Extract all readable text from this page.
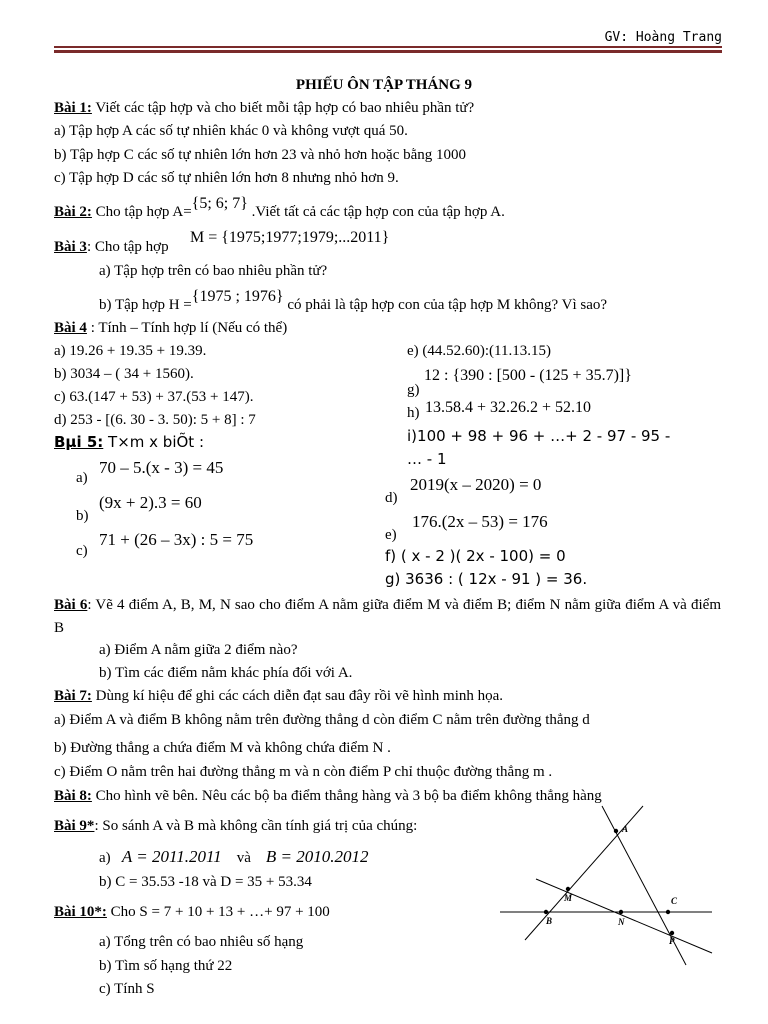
GV: Hoàng Trang
PHIẾU ÔN TẬP THÁNG 9
Bài 1: Viết các tập hợp và cho biết mỗi tập hợp có bao nhiêu phần tử?
a) Tập hợp A các số tự nhiên khác 0 và không vượt quá 50.
b) Tập hợp C các số tự nhiên lớn hơn 23 và nhỏ hơn hoặc bằng 1000
c) Tập hợp D các số tự nhiên lớn hơn 8 nhưng nhỏ hơn 9.
Bài 2: Cho tập hợp A={5; 6; 7} .Viết tất cả các tập hợp con của tập hợp A.
Bài 3: Cho tập hợp
M = {1975;1977;1979;...2011}
a) Tập hợp trên có bao nhiêu phần tử?
b) Tập hợp H ={1975 ; 1976} có phải là tập hợp con của tập hợp M không? Vì sao?
Bài 4 : Tính – Tính hợp lí (Nếu có thể)
a) 19.26 + 19.35 + 19.39.
b) 3034 – ( 34 + 1560).
c) 63.(147 + 53) + 37.(53 + 147).
d) 253 - [(6. 30 - 3. 50): 5 + 8] : 7
e) (44.52.60):(11.13.15)
g)
12 : {390 : [500 - (125 + 35.7)]}
h) 13.58.4 + 32.26.2 + 52.10
i)100 + 98 + 96 + …+ 2 - 97 - 95 -
… - 1
Bµi 5: T×m x biÕt :
a)
70 – 5.(x - 3) = 45
b)
(9x + 2).3 = 60
c)
71 + (26 – 3x) : 5 = 75
d)
2019(x – 2020) = 0
e)
176.(2x – 53) = 176
f) ( x - 2 )( 2x - 100) = 0
g) 3636 : ( 12x - 91 ) = 36.
Bài 6: Vẽ 4 điểm A, B, M, N sao cho điểm A nằm giữa điểm M và điểm B; điểm N nằm giữa điểm A và điểm B
a) Điểm A nằm giữa 2 điểm nào?
b) Tìm các điểm nằm khác phía đối với A.
Bài 7: Dùng kí hiệu để ghi các cách diễn đạt sau đây rồi vẽ hình minh họa.
a) Điểm A và điểm B không nằm trên đường thẳng d còn điểm C nằm trên đường thẳng d
b) Đường thẳng a chứa điểm M và không chứa điểm N .
c) Điểm O nằm trên hai đường thẳng m và n còn điểm P chỉ thuộc đường thẳng m .
Bài 8: Cho hình vẽ bên. Nêu các bộ ba điểm thẳng hàng và 3 bộ ba điểm không thẳng hàng
Bài 9*: So sánh A và B mà không cần tính giá trị của chúng:
a) A = 2011.2011 và B = 2010.2012
b) C = 35.53 -18 và D = 35 + 53.34
Bài 10*: Cho S = 7 + 10 + 13 + …+ 97 + 100
a) Tổng trên có bao nhiêu số hạng
b) Tìm số hạng thứ 22
c) Tính S
A
M	C
B	N
P
